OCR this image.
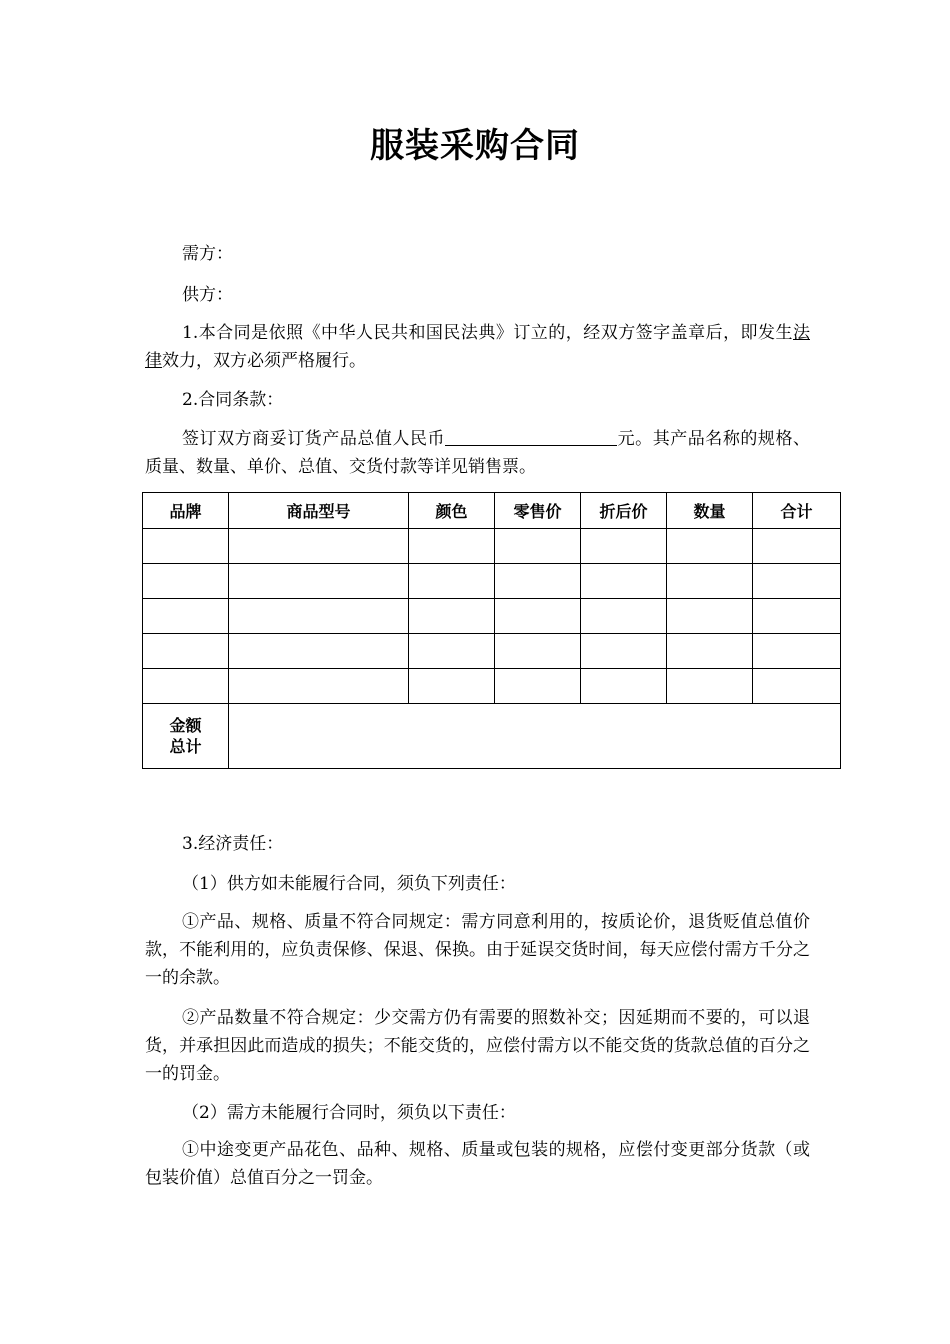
服装采购合同

需方：

供方：

1.本合同是依照《中华人民共和国民法典》订立的，经双方签字盖章后，即发生法律效力，双方必须严格履行。

2.合同条款：

签订双方商妥订货产品总值人民币	元。其产品名称的规格、质量、数量、单价、总值、交货付款等详见销售票。

品牌	商品型号	颜色	零售价	折后价	数量	合计

金额
总计						

3.经济责任：

（1）供方如未能履行合同，须负下列责任：

①产品、规格、质量不符合同规定：需方同意利用的，按质论价，退货贬值总值价款，不能利用的，应负责保修、保退、保换。由于延误交货时间，每天应偿付需方千分之一的余款。

②产品数量不符合规定：少交需方仍有需要的照数补交；因延期而不要的，可以退货，并承担因此而造成的损失；不能交货的，应偿付需方以不能交货的货款总值的百分之一的罚金。

（2）需方未能履行合同时，须负以下责任：

①中途变更产品花色、品种、规格、质量或包装的规格，应偿付变更部分货款（或包装价值）总值百分之一罚金。
